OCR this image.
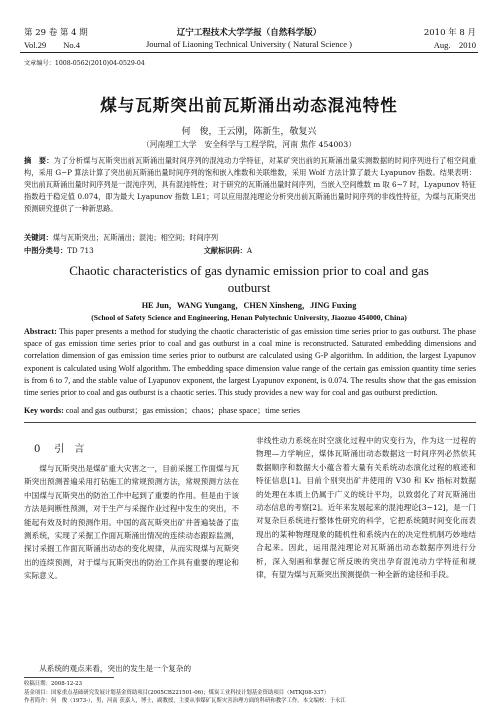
第 29 卷 第 4 期	辽宁工程技术大学学报（自然科学版）	2010 年 8 月
Vol.29　　No.4	Journal of Liaoning Technical University ( Natural Science )	Aug.　2010
文章编号：1008-0562(2010)04-0529-04
煤与瓦斯突出前瓦斯涌出动态混沌特性
何　俊，王云刚，陈新生，敬复兴
（河南理工大学　安全科学与工程学院，河南 焦作 454003）
摘　要：为了分析煤与瓦斯突出前瓦斯涌出量时间序列的混沌动力学特征，对某矿突出前的瓦斯涌出量实测数据的时间序列进行了相空间重构，采用 G−P 算法计算了突出前瓦斯涌出量时间序列的饱和嵌入维数和关联维数，采用 Wolf 方法计算了最大 Lyapunov 指数。结果表明：突出前瓦斯涌出量时间序列是一混沌序列，具有混沌特性；对于研究的瓦斯涌出量时间序列，当嵌入空间维数 m 取 6∼7 时，Lyapunov 特征指数趋于稳定值 0.074，即为最大 Lyapunov 指数 LE1；可以应用混沌理论分析突出前瓦斯涌出量时间序列的非线性特征，为煤与瓦斯突出预测研究提供了一种新思路。
关键词：煤与瓦斯突出；瓦斯涌出；混沌；相空间；时间序列
中图分类号：TD 713	文献标识码：A
Chaotic characteristics of gas dynamic emission prior to coal and gas outburst
HE Jun，WANG Yungang，CHEN Xinsheng，JING Fuxing
(School of Safety Science and Engineering, Henan Polytechnic University, Jiaozuo 454000, China)
Abstract: This paper presents a method for studying the chaotic characteristic of gas emission time series prior to gas outburst. The phase space of gas emission time series prior to coal and gas outburst in a coal mine is reconstructed. Saturated embedding dimensions and correlation dimension of gas emission time series prior to outburst are calculated using G-P algorithm. In addition, the largest Lyapunov exponent is calculated using Wolf algorithm. The embedding space dimension value range of the certain gas emission quantity time series is from 6 to 7, and the stable value of Lyapunov exponent, the largest Lyapunov exponent, is 0.074. The results show that the gas emission time series prior to coal and gas outburst is a chaotic series. This study provides a new way for coal and gas outburst prediction.
Key words: coal and gas outburst；gas emission；chaos；phase space；time series
0 引　言
煤与瓦斯突出是煤矿重大灾害之一，目前采掘工作面煤与瓦斯突出预测普遍采用打钻施工的常规预测方法，常规预测方法在中国煤与瓦斯突出的防治工作中起到了重要的作用。但是由于该方法是间断性预测，对于生产与采掘作业过程中发生的突出，不能起有效及时的预测作用。中国的高瓦斯突出矿井普遍装备了监测系统，实现了采掘工作面瓦斯涌出情况的连续动态跟踪监测，探讨采掘工作面瓦斯涌出动态的变化规律，从而实现煤与瓦斯突出的连续预测，对于煤与瓦斯突出的防治工作具有重要的理论和实际意义。
从系统的观点来看，突出的发生是一个复杂的
非线性动力系统在时空演化过程中的灾变行为，作为这一过程的物理—力学响应，煤体瓦斯涌出动态数据这一时间序列必然依其数据顺序和数据大小蕴含着大量有关系统动态演化过程的痕迹和特征信息[1]。目前个别突出矿井使用的 V30 和 Kv 指标对数据的处理在本质上仍属于广义的统计平均，以致弱化了对瓦斯涌出动态信息的考察[2]。近年来发展起来的混沌理论[3−12]，是一门对复杂巨系统进行整体性研究的科学，它把系统随时间变化而表现出的某种物理现象的随机性和系统内在的决定性机制巧妙地结合起来。因此，运用混沌理论对瓦斯涌出动态数据序列进行分析，深入刻画和掌握它所反映的突出孕育混沌动力学特征和规律，有望为煤与瓦斯突出预测提供一种全新的途径和手段。
收稿日期：2008-12-23
基金项目：国家重点基础研究发展计划基金资助项目(2005CB221501-06)；煤炭工业科技计划基金资助项目（MTKJ08-337）
作者简介：何　俊（1973-），男，河南 获嘉人，博士，副教授，主要从事煤矿瓦斯灾害治理方面的科研和教学工作。本文编校：于永江
